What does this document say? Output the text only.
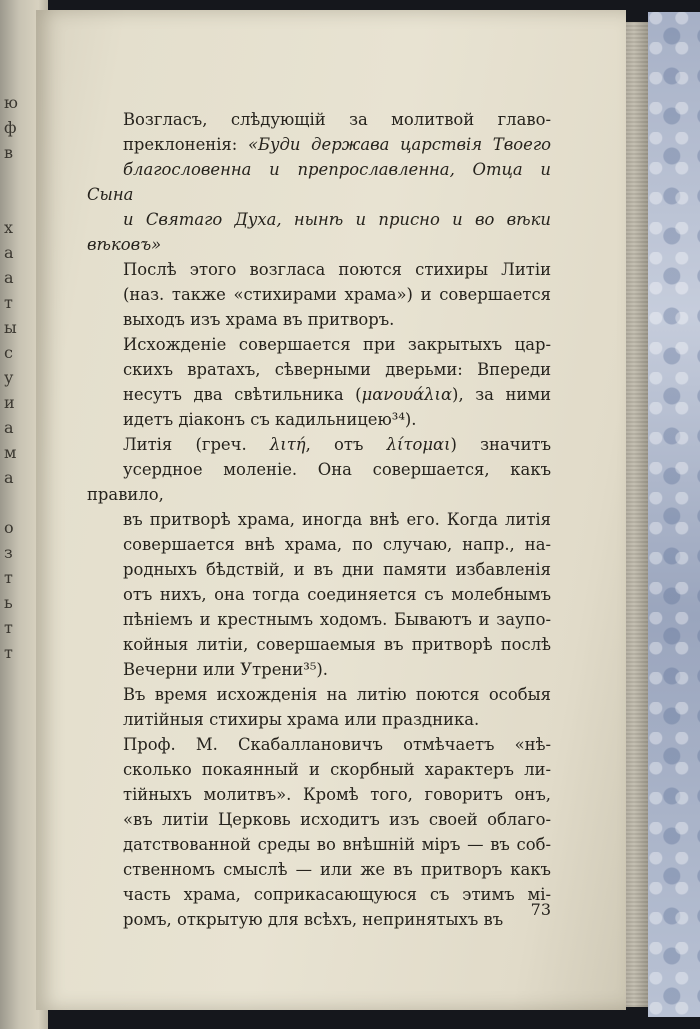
ю
ф
в

х
а
а
т
ы
с
у
и
а
м
а

о
з
т
ь
т
т

Возгласъ, слѣдующій за молитвой главо-
преклоненія: «Буди держава царствія Твоего
благословенна и препрославленна, Отца и Сына
и Святаго Духа, нынѣ и присно и во вѣки вѣковъ»

Послѣ этого возгласа поются стихиры Литіи
(наз. также «стихирами храма») и совершается
выходъ изъ храма въ притворъ.

Исхожденіе совершается при закрытыхъ цар-
скихъ вратахъ, сѣверными дверьми: Впереди
несутъ два свѣтильника (μανουάλια), за ними
идетъ діаконъ съ кадильницею³⁴).

Литія (греч. λιτή, отъ λίτομαι) значитъ
усердное моленіе. Она совершается, какъ правило,
въ притворѣ храма, иногда внѣ его. Когда литія
совершается внѣ храма, по случаю, напр., на-
родныхъ бѣдствій, и въ дни памяти избавленія
отъ нихъ, она тогда соединяется съ молебнымъ
пѣніемъ и крестнымъ ходомъ. Бываютъ и заупо-
койныя литіи, совершаемыя въ притворѣ послѣ
Вечерни или Утрени³⁵).

Въ время исхожденія на литію поются особыя
литійныя стихиры храма или праздника.

Проф. М. Скабаллановичъ отмѣчаетъ «нѣ-
сколько покаянный и скорбный характеръ ли-
тійныхъ молитвъ». Кромѣ того, говоритъ онъ,
«въ литіи Церковь исходитъ изъ своей облаго-
датствованной среды во внѣшній міръ — въ соб-
ственномъ смыслѣ — или же въ притворъ какъ
часть храма, соприкасающуюся съ этимъ мі-
ромъ, открытую для всѣхъ, непринятыхъ въ

73
